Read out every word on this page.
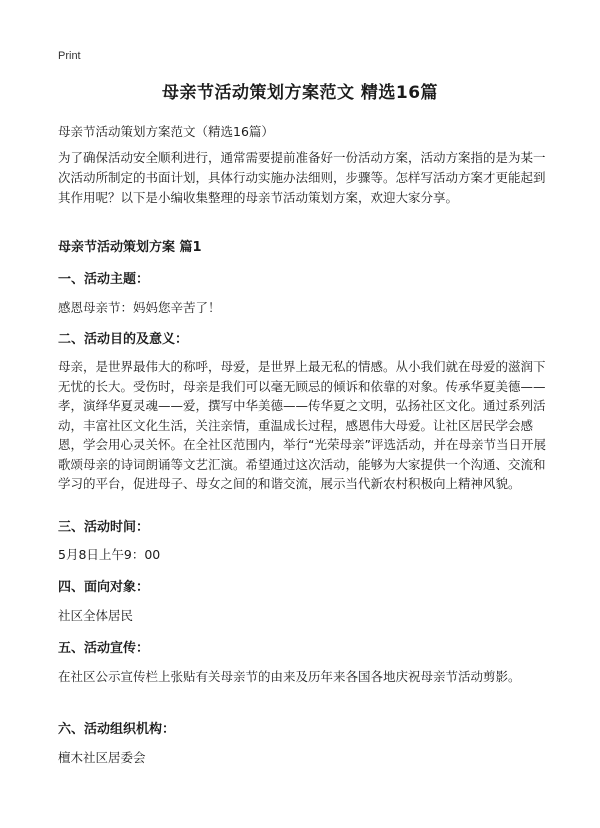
Print
母亲节活动策划方案范文 精选16篇
母亲节活动策划方案范文（精选16篇）

为了确保活动安全顺利进行，通常需要提前准备好一份活动方案，活动方案指的是为某一次活动所制定的书面计划，具体行动实施办法细则，步骤等。怎样写活动方案才更能起到其作用呢？以下是小编收集整理的母亲节活动策划方案，欢迎大家分享。

母亲节活动策划方案 篇1
一、活动主题：

感恩母亲节：妈妈您辛苦了！

二、活动目的及意义：

母亲，是世界最伟大的称呼，母爱，是世界上最无私的情感。从小我们就在母爱的滋润下无忧的长大。受伤时，母亲是我们可以毫无顾忌的倾诉和依靠的对象。传承华夏美德——孝，演绎华夏灵魂——爱，撰写中华美德——传华夏之文明，弘扬社区文化。通过系列活动，丰富社区文化生活，关注亲情，重温成长过程，感恩伟大母爱。让社区居民学会感恩，学会用心灵关怀。在全社区范围内，举行“光荣母亲”评选活动，并在母亲节当日开展歌颂母亲的诗词朗诵等文艺汇演。希望通过这次活动，能够为大家提供一个沟通、交流和学习的平台，促进母子、母女之间的和谐交流，展示当代新农村积极向上精神风貌。

三、活动时间：

5月8日上午9：00

四、面向对象：

社区全体居民

五、活动宣传：

在社区公示宣传栏上张贴有关母亲节的由来及历年来各国各地庆祝母亲节活动剪影。

六、活动组织机构：

檀木社区居委会
